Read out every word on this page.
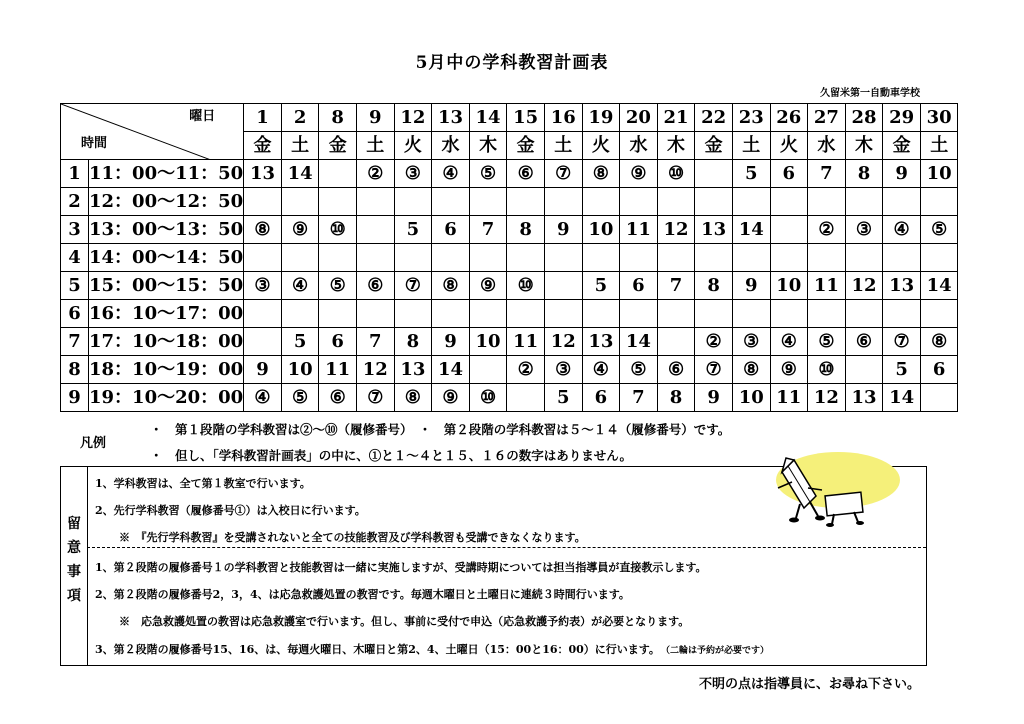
5月中の学科教習計画表
久留米第一自動車学校
曜日
時間		1	2	8	9	12	13	14	15	16	19	20	21	22	23	26	27	28	29	30
		金	土	金	土	火	水	木	金	土	火	水	木	金	土	火	水	木	金	土
1	11：00～11：50	13	14		②	③	④	⑤	⑥	⑦	⑧	⑨	⑩		5	6	7	8	9	10
2	12：00～12：50																			
3	13：00～13：50	⑧	⑨	⑩		5	6	7	8	9	10	11	12	13	14		②	③	④	⑤
4	14：00～14：50																			
5	15：00～15：50	③	④	⑤	⑥	⑦	⑧	⑨	⑩		5	6	7	8	9	10	11	12	13	14
6	16：10～17：00																			
7	17：10～18：00		5	6	7	8	9	10	11	12	13	14		②	③	④	⑤	⑥	⑦	⑧
8	18：10～19：00	9	10	11	12	13	14		②	③	④	⑤	⑥	⑦	⑧	⑨	⑩		5	6
9	19：10～20：00	④	⑤	⑥	⑦	⑧	⑨	⑩		5	6	7	8	9	10	11	12	13	14	
凡例
・　第１段階の学科教習は②～⑩（履修番号）　・　第２段階の学科教習は５～１４（履修番号）です。
・　但し、「学科教習計画表」の中に、①と１～４と１５、１６の数字はありません。
留
意
事
項
1、学科教習は、全て第１教室で行います。
2、先行学科教習（履修番号①）は入校日に行います。
※　『先行学科教習』を受講されないと全ての技能教習及び学科教習も受講できなくなります。
1、第２段階の履修番号１の学科教習と技能教習は一緒に実施しますが、受講時期については担当指導員が直接教示します。
2、第２段階の履修番号2，3，4、は応急救護処置の教習です。毎週木曜日と土曜日に連続３時間行います。
※　応急救護処置の教習は応急救護室で行います。但し、事前に受付で申込（応急救護予約表）が必要となります。
3、第２段階の履修番号15、16、は、毎週火曜日、木曜日と第2、4、土曜日（15：00と16：00）に行います。　 （二輪は予約が必要です）
不明の点は指導員に、お尋ね下さい。
